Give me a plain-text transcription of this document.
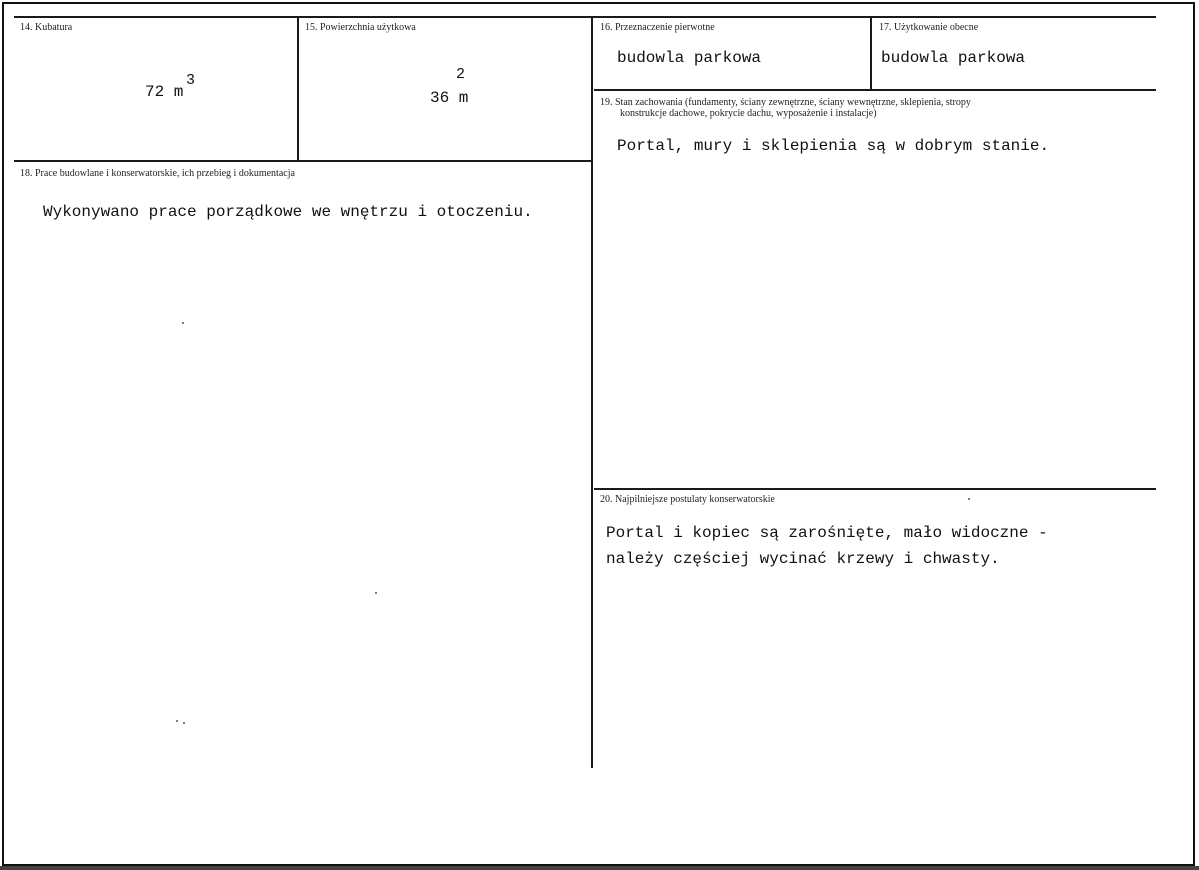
14. Kubatura
72 m
3
15. Powierzchnia użytkowa
36 m
2
16. Przeznaczenie pierwotne
budowla parkowa
17. Użytkowanie obecne
budowla parkowa
19. Stan zachowania (fundamenty, ściany zewnętrzne, ściany wewnętrzne, sklepienia, stropy
konstrukcje dachowe, pokrycie dachu, wyposażenie i instalacje)
Portal, mury i sklepienia są w dobrym stanie.
18. Prace budowlane i konserwatorskie, ich przebieg i dokumentacja
Wykonywano prace porządkowe we wnętrzu i otoczeniu.
20. Najpilniejsze postulaty konserwatorskie
Portal i kopiec są zarośnięte, mało widoczne -
należy częściej wycinać krzewy i chwasty.
